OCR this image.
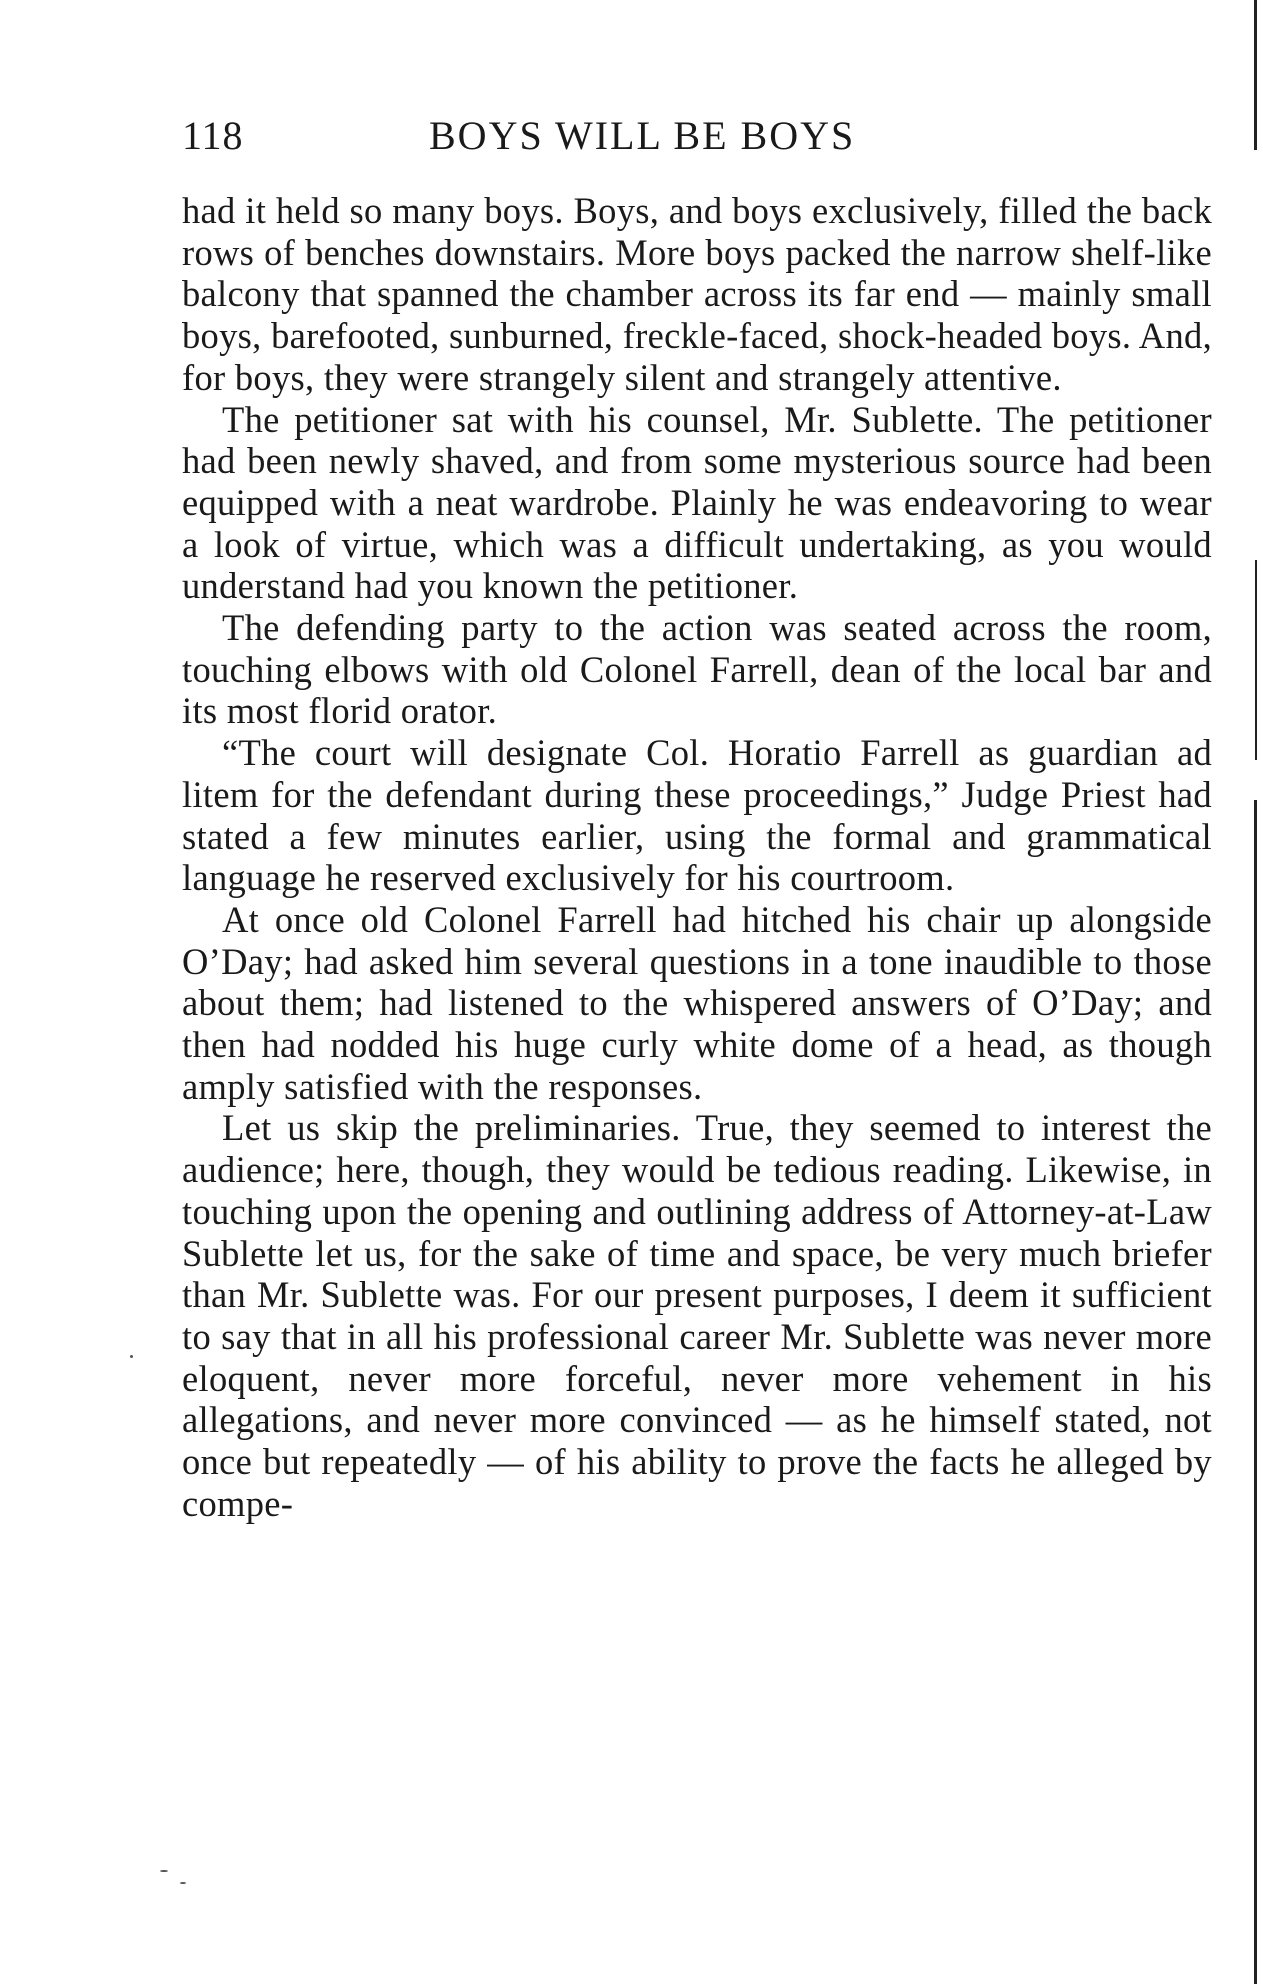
118	BOYS WILL BE BOYS

had it held so many boys. Boys, and boys exclusively, filled the back rows of benches downstairs. More boys packed the narrow shelf-like balcony that spanned the chamber across its far end — mainly small boys, barefooted, sunburned, freckle-faced, shock-headed boys. And, for boys, they were strangely silent and strangely attentive.

The petitioner sat with his counsel, Mr. Sublette. The petitioner had been newly shaved, and from some mysterious source had been equipped with a neat wardrobe. Plainly he was endeavoring to wear a look of virtue, which was a difficult undertaking, as you would understand had you known the petitioner.

The defending party to the action was seated across the room, touching elbows with old Colonel Farrell, dean of the local bar and its most florid orator.

“The court will designate Col. Horatio Farrell as guardian ad litem for the defendant during these proceedings,” Judge Priest had stated a few minutes earlier, using the formal and grammatical language he reserved exclusively for his courtroom.

At once old Colonel Farrell had hitched his chair up alongside O’Day; had asked him several questions in a tone inaudible to those about them; had listened to the whispered answers of O’Day; and then had nodded his huge curly white dome of a head, as though amply satisfied with the responses.

Let us skip the preliminaries. True, they seemed to interest the audience; here, though, they would be tedious reading. Likewise, in touching upon the opening and outlining address of Attorney-at-Law Sublette let us, for the sake of time and space, be very much briefer than Mr. Sublette was. For our present purposes, I deem it sufficient to say that in all his professional career Mr. Sublette was never more eloquent, never more forceful, never more vehement in his allegations, and never more convinced — as he himself stated, not once but repeatedly — of his ability to prove the facts he alleged by compe-
